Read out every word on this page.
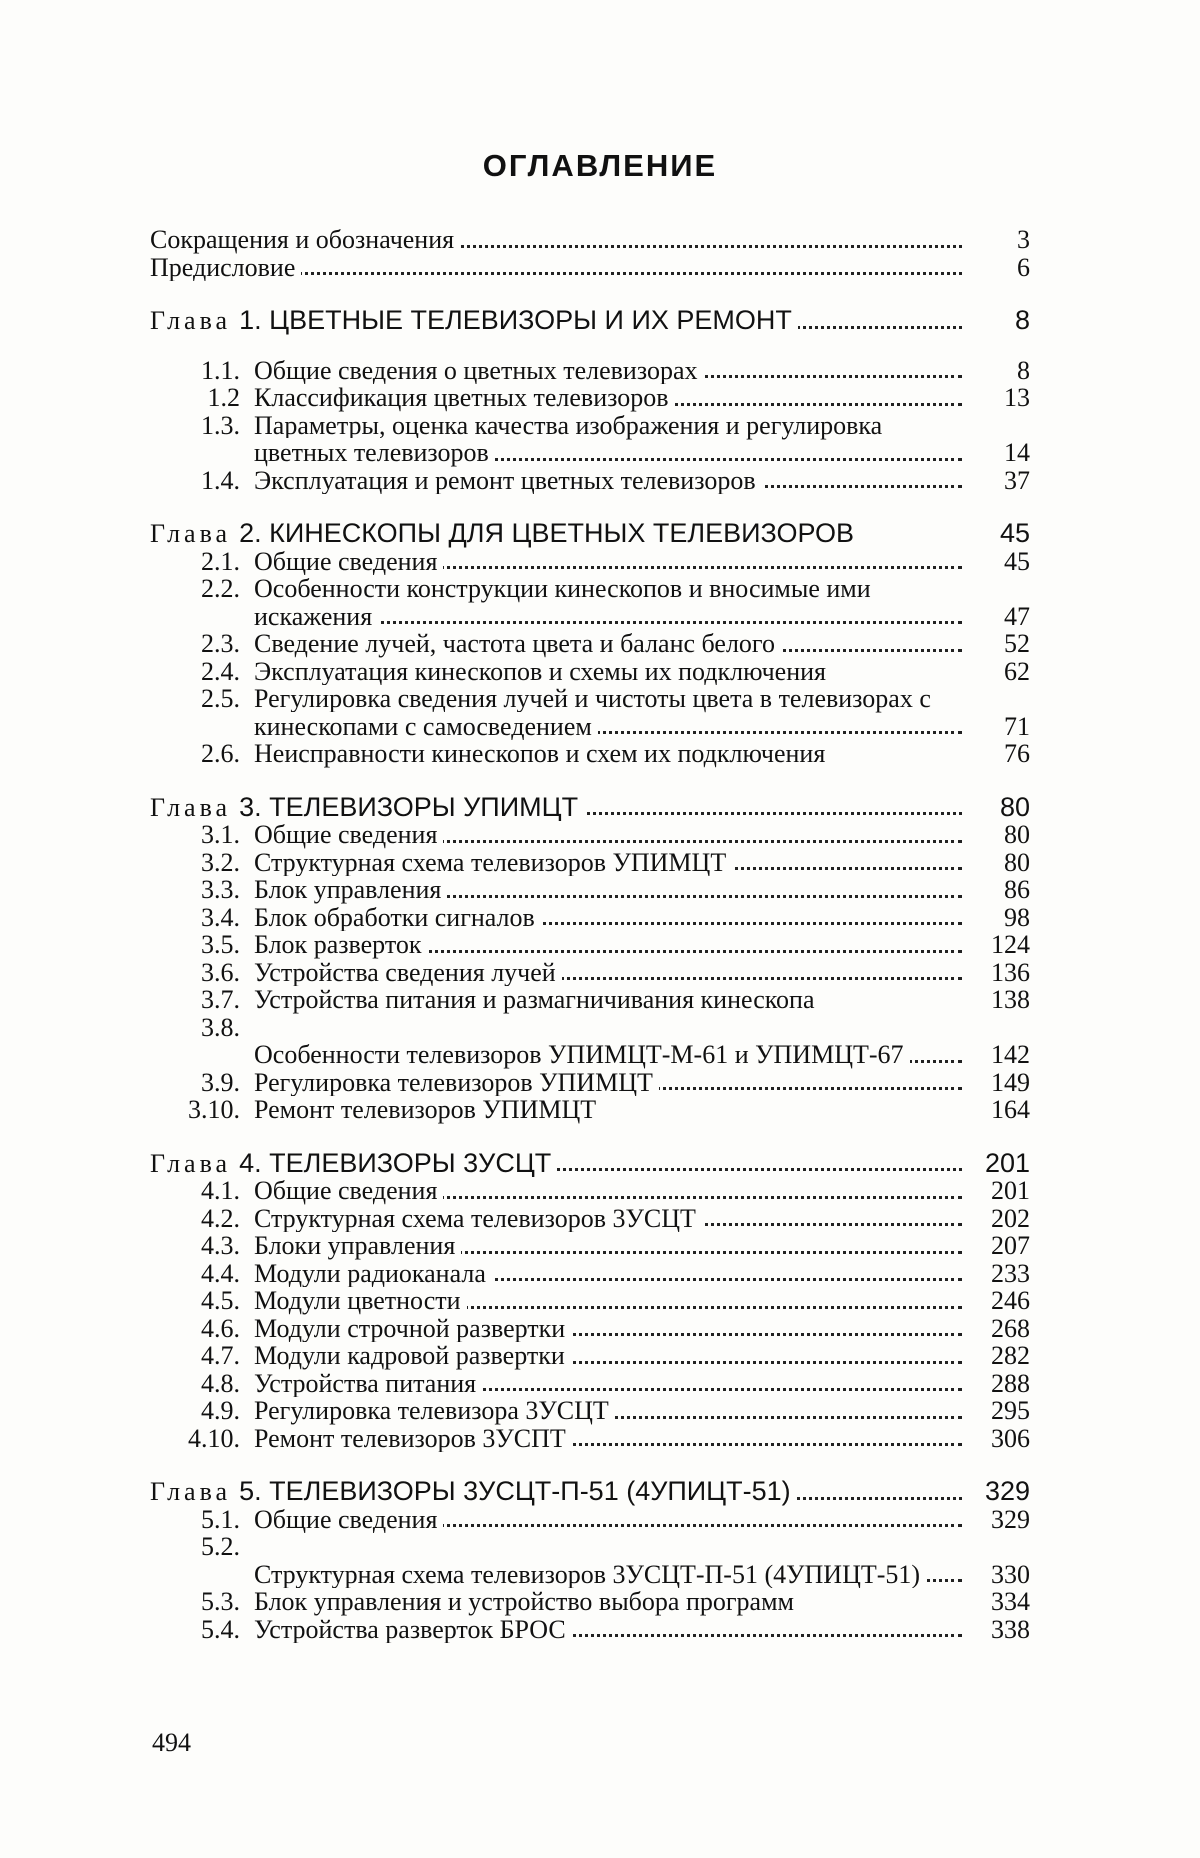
ОГЛАВЛЕНИЕ
Сокращения и обозначения	3
Предисловие	6
Глава 1. ЦВЕТНЫЕ ТЕЛЕВИЗОРЫ И ИХ РЕМОНТ	8
1.1. Общие сведения о цветных телевизорах	8
1.2 Классификация цветных телевизоров	13
1.3. Параметры, оценка качества изображения и регулировка цветных телевизоров	14
1.4. Эксплуатация и ремонт цветных телевизоров	37
Глава 2. КИНЕСКОПЫ ДЛЯ ЦВЕТНЫХ ТЕЛЕВИЗОРОВ	45
2.1. Общие сведения	45
2.2. Особенности конструкции кинескопов и вносимые ими искажения	47
2.3. Сведение лучей, частота цвета и баланс белого	52
2.4. Эксплуатация кинескопов и схемы их подключения	62
2.5. Регулировка сведения лучей и чистоты цвета в телевизорах с кинескопами с самосведением	71
2.6. Неисправности кинескопов и схем их подключения	76
Глава 3. ТЕЛЕВИЗОРЫ УПИМЦТ	80
3.1. Общие сведения	80
3.2. Структурная схема телевизоров УПИМЦТ	80
3.3. Блок управления	86
3.4. Блок обработки сигналов	98
3.5. Блок разверток	124
3.6. Устройства сведения лучей	136
3.7. Устройства питания и размагничивания кинескопа	138
3.8.
Особенности телевизоров УПИМЦТ-М-61 и УПИМЦТ-67	142
3.9. Регулировка телевизоров УПИМЦТ	149
3.10. Ремонт телевизоров УПИМЦТ	164
Глава 4. ТЕЛЕВИЗОРЫ 3УСЦТ	201
4.1. Общие сведения	201
4.2. Структурная схема телевизоров 3УСЦТ	202
4.3. Блоки управления	207
4.4. Модули радиоканала	233
4.5. Модули цветности	246
4.6. Модули строчной развертки	268
4.7. Модули кадровой развертки	282
4.8. Устройства питания	288
4.9. Регулировка телевизора 3УСЦТ	295
4.10. Ремонт телевизоров 3УСПТ	306
Глава 5. ТЕЛЕВИЗОРЫ 3УСЦТ-П-51 (4УПИЦТ-51)	329
5.1. Общие сведения	329
5.2.
Структурная схема телевизоров 3УСЦТ-П-51 (4УПИЦТ-51)	330
5.3. Блок управления и устройство выбора программ	334
5.4. Устройства разверток БРОС	338
494
